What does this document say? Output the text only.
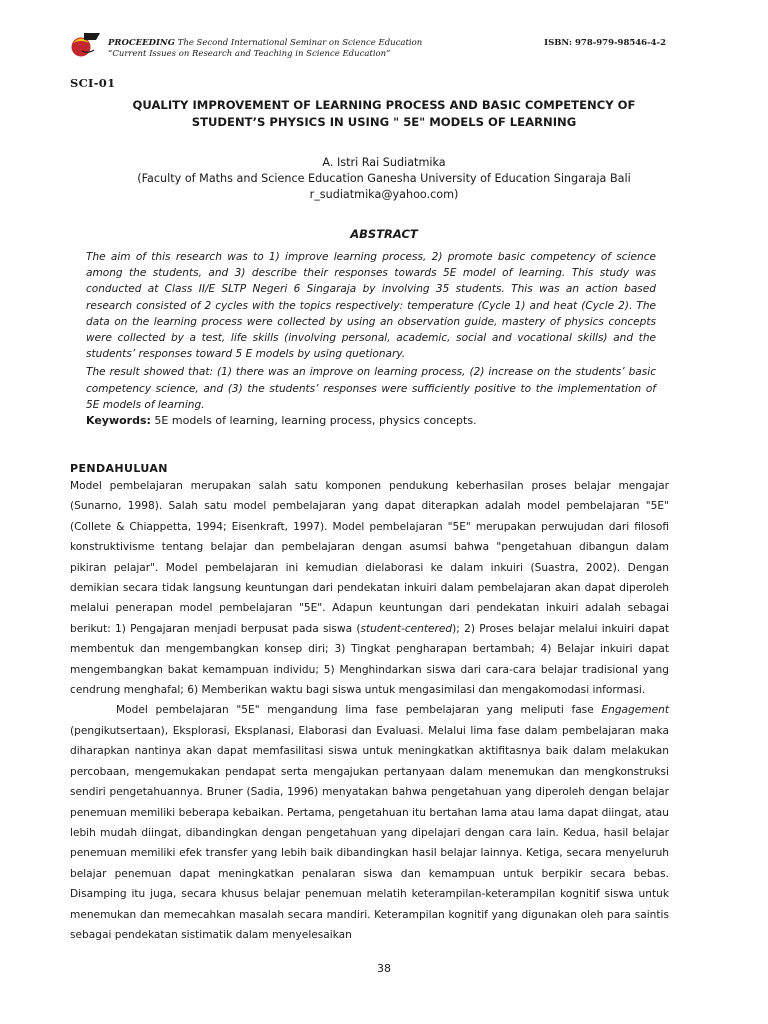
PROCEEDING The Second International Seminar on Science Education
“Current Issues on Research and Teaching in Science Education”
ISBN: 978-979-98546-4-2
SCI-01
QUALITY IMPROVEMENT OF LEARNING PROCESS AND BASIC COMPETENCY OF
STUDENT’S PHYSICS IN USING " 5E" MODELS OF LEARNING
A. Istri Rai Sudiatmika
(Faculty of Maths and Science Education Ganesha University of Education Singaraja Bali
r_sudiatmika@yahoo.com)
ABSTRACT

The aim of this research was to 1) improve learning process, 2) promote basic competency of science among the students, and 3) describe their responses towards 5E model of learning. This study was conducted at Class II/E SLTP Negeri 6 Singaraja by involving 35 students. This was an action based research consisted of 2 cycles with the topics respectively: temperature (Cycle 1) and heat (Cycle 2). The data on the learning process were collected by using an observation guide, mastery of physics concepts were collected by a test, life skills (involving personal, academic, social and vocational skills) and the students’ responses toward 5 E models by using quetionary.

The result showed that: (1) there was an improve on learning process, (2) increase on the students’ basic competency science, and (3) the students’ responses were sufficiently positive to the implementation of 5E models of learning.

Keywords: 5E models of learning, learning process, physics concepts.
PENDAHULUAN

Model pembelajaran merupakan salah satu komponen pendukung keberhasilan proses belajar mengajar (Sunarno, 1998). Salah satu model pembelajaran yang dapat diterapkan adalah model pembelajaran "5E" (Collete & Chiappetta, 1994; Eisenkraft, 1997). Model pembelajaran "5E" merupakan perwujudan dari filosofi konstruktivisme tentang belajar dan pembelajaran dengan asumsi bahwa "pengetahuan dibangun dalam pikiran pelajar". Model pembelajaran ini kemudian dielaborasi ke dalam inkuiri (Suastra, 2002). Dengan demikian secara tidak langsung keuntungan dari pendekatan inkuiri dalam pembelajaran akan dapat diperoleh melalui penerapan model pembelajaran "5E". Adapun keuntungan dari pendekatan inkuiri adalah sebagai berikut: 1) Pengajaran menjadi berpusat pada siswa (student-centered); 2) Proses belajar melalui inkuiri dapat membentuk dan mengembangkan konsep diri; 3) Tingkat pengharapan bertambah; 4) Belajar inkuiri dapat mengembangkan bakat kemampuan individu; 5) Menghindarkan siswa dari cara-cara belajar tradisional yang cendrung menghafal; 6) Memberikan waktu bagi siswa untuk mengasimilasi dan mengakomodasi informasi.

Model pembelajaran "5E" mengandung lima fase pembelajaran yang meliputi fase Engagement (pengikutsertaan), Eksplorasi, Eksplanasi, Elaborasi dan Evaluasi. Melalui lima fase dalam pembelajaran maka diharapkan nantinya akan dapat memfasilitasi siswa untuk meningkatkan aktifitasnya baik dalam melakukan percobaan, mengemukakan pendapat serta mengajukan pertanyaan dalam menemukan dan mengkonstruksi sendiri pengetahuannya. Bruner (Sadia, 1996) menyatakan bahwa pengetahuan yang diperoleh dengan belajar penemuan memiliki beberapa kebaikan. Pertama, pengetahuan itu bertahan lama atau lama dapat diingat, atau lebih mudah diingat, dibandingkan dengan pengetahuan yang dipelajari dengan cara lain. Kedua, hasil belajar penemuan memiliki efek transfer yang lebih baik dibandingkan hasil belajar lainnya. Ketiga, secara menyeluruh belajar penemuan dapat meningkatkan penalaran siswa dan kemampuan untuk berpikir secara bebas. Disamping itu juga, secara khusus belajar penemuan melatih keterampilan-keterampilan kognitif siswa untuk menemukan dan memecahkan masalah secara mandiri. Keterampilan kognitif yang digunakan oleh para saintis sebagai pendekatan sistimatik dalam menyelesaikan

38
